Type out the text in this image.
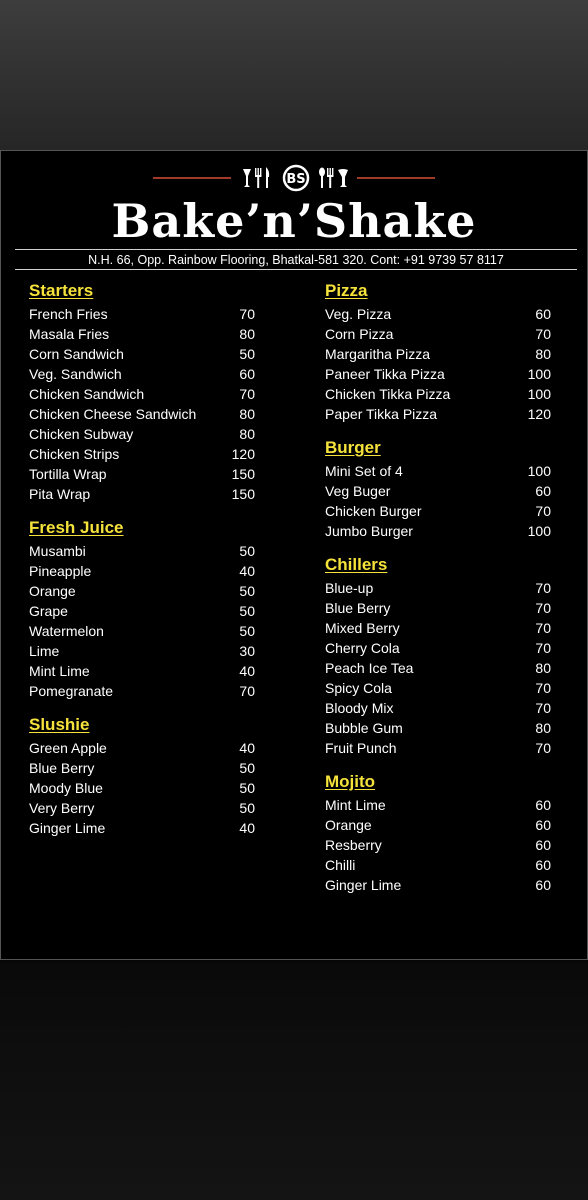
BS
Bake’n’Shake
N.H. 66, Opp. Rainbow Flooring, Bhatkal-581 320. Cont: +91 9739 57 8117
Starters
French Fries	70
Masala Fries	80
Corn Sandwich	50
Veg. Sandwich	60
Chicken Sandwich	70
Chicken Cheese Sandwich	80
Chicken Subway	80
Chicken Strips	120
Tortilla Wrap	150
Pita Wrap	150
Fresh Juice
Musambi	50
Pineapple	40
Orange	50
Grape	50
Watermelon	50
Lime	30
Mint Lime	40
Pomegranate	70
Slushie
Green Apple	40
Blue Berry	50
Moody Blue	50
Very Berry	50
Ginger Lime	40
Pizza
Veg. Pizza	60
Corn Pizza	70
Margaritha Pizza	80
Paneer Tikka Pizza	100
Chicken Tikka Pizza	100
Paper Tikka Pizza	120
Burger
Mini Set of 4	100
Veg Buger	60
Chicken Burger	70
Jumbo Burger	100
Chillers
Blue-up	70
Blue Berry	70
Mixed Berry	70
Cherry Cola	70
Peach Ice Tea	80
Spicy Cola	70
Bloody Mix	70
Bubble Gum	80
Fruit Punch	70
Mojito
Mint Lime	60
Orange	60
Resberry	60
Chilli	60
Ginger Lime	60
